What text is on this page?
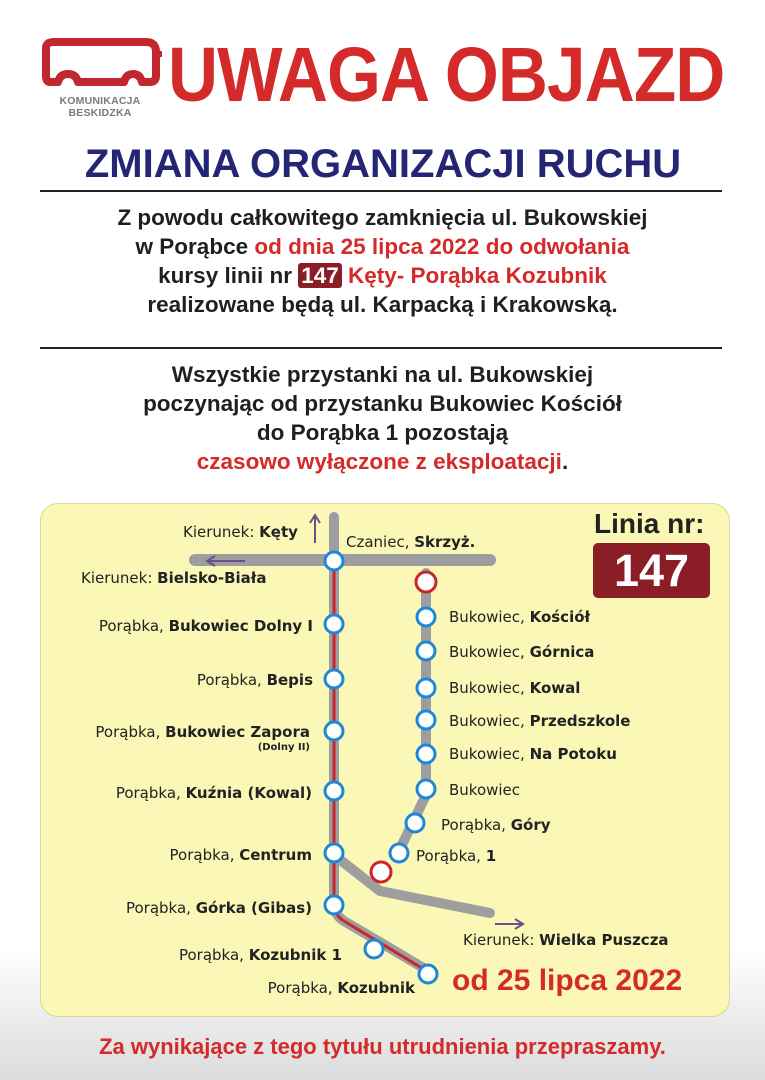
KOMUNIKACJA
BESKIDZKA UWAGA OBJAZD
ZMIANA ORGANIZACJI RUCHU
Z powodu całkowitego zamknięcia ul. Bukowskiej
w Porąbce od dnia 25 lipca 2022 do odwołania
kursy linii nr 147 Kęty- Porąbka Kozubnik
realizowane będą ul. Karpacką i Krakowską.
Wszystkie przystanki na ul. Bukowskiej
poczynając od przystanku Bukowiec Kościół
do Porąbka 1 pozostają
czasowo wyłączone z eksploatacji.
Kierunek: Kęty
Czaniec, Skrzyż.
Kierunek: Bielsko-Biała
Kierunek: Wielka Puszcza
Porąbka, Bukowiec Dolny I
Porąbka, Bepis
Porąbka, Bukowiec Zapora
(Dolny II)
Porąbka, Kuźnia (Kowal)
Porąbka, Centrum
Porąbka, Górka (Gibas)
Porąbka, Kozubnik 1
Porąbka, Kozubnik
Bukowiec, Kościół
Bukowiec, Górnica
Bukowiec, Kowal
Bukowiec, Przedszkole
Bukowiec, Na Potoku
Bukowiec
Porąbka, Góry
Porąbka, 1
Linia nr:
147
od 25 lipca 2022
Za wynikające z tego tytułu utrudnienia przepraszamy.
